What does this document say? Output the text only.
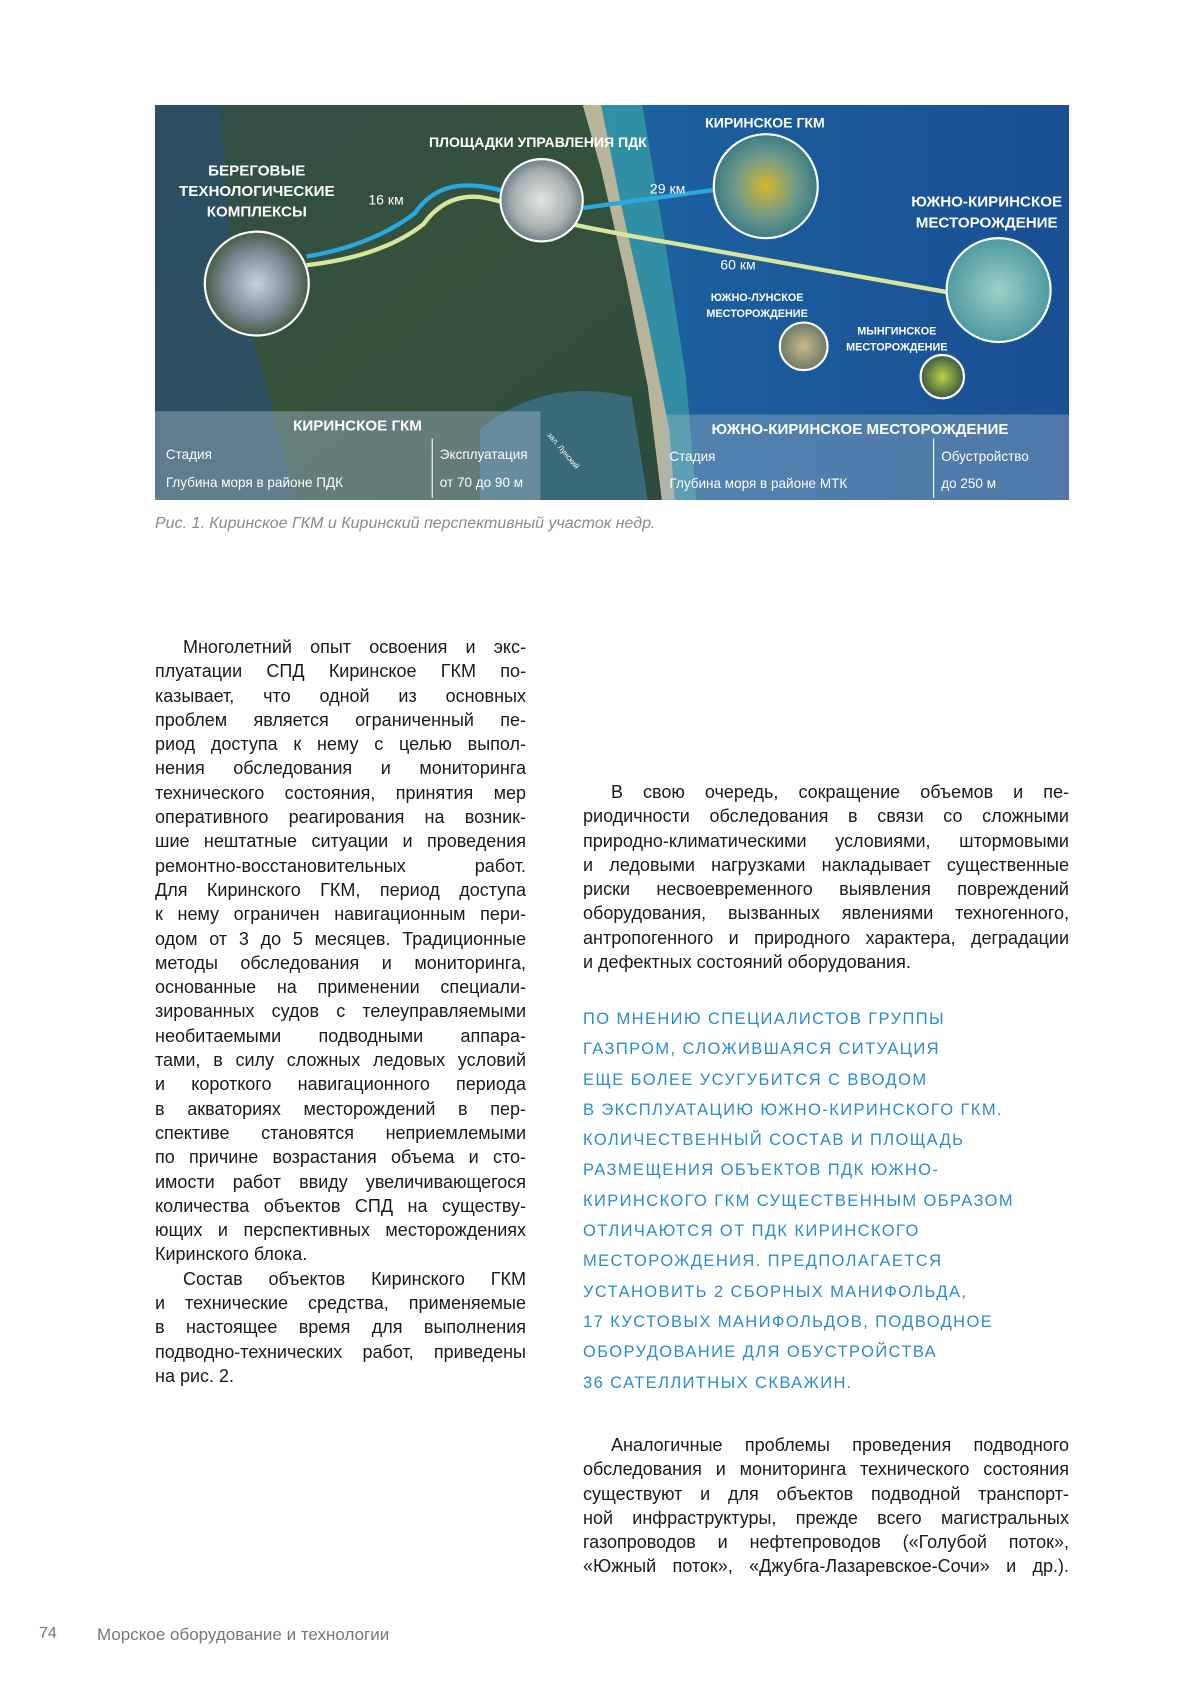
БЕРЕГОВЫЕ
ТЕХНОЛОГИЧЕСКИЕ
КОМПЛЕКСЫ
16 км
ПЛОЩАДКИ УПРАВЛЕНИЯ ПДК
КИРИНСКОЕ ГКМ
29 км
ЮЖНО-КИРИНСКОЕ
МЕСТОРОЖДЕНИЕ
60 км
ЮЖНО-ЛУНСКОЕ
МЕСТОРОЖДЕНИЕ
МЫНГИНСКОЕ
МЕСТОРОЖДЕНИЕ
зал. Лунский
КИРИНСКОЕ ГКМ
Стадия	Эксплуатация
Глубина моря в районе ПДК	от 70 до 90 м
ЮЖНО-КИРИНСКОЕ МЕСТОРОЖДЕНИЕ
Стадия	Обустройство
Глубина моря в районе МТК	до 250 м
Рис. 1. Киринское ГКМ и Киринский перспективный участок недр.
Многолетний опыт освоения и экс-
плуатации СПД Киринское ГКМ по-
казывает, что одной из основных
проблем является ограниченный пе-
риод доступа к нему с целью выпол-
нения обследования и мониторинга
технического состояния, принятия мер
оперативного реагирования на возник-
шие нештатные ситуации и проведения
ремонтно-восстановительных работ.
Для Киринского ГКМ, период доступа
к нему ограничен навигационным пери-
одом от 3 до 5 месяцев. Традиционные
методы обследования и мониторинга,
основанные на применении специали-
зированных судов с телеуправляемыми
необитаемыми подводными аппара-
тами, в силу сложных ледовых условий
и короткого навигационного периода
в акваториях месторождений в пер-
спективе становятся неприемлемыми
по причине возрастания объема и сто-
имости работ ввиду увеличивающегося
количества объектов СПД на существу-
ющих и перспективных месторождениях
Киринского блока.
Состав объектов Киринского ГКМ
и технические средства, применяемые
в настоящее время для выполнения
подводно-технических работ, приведены
на рис. 2.
В свою очередь, сокращение объемов и пе-
риодичности обследования в связи со сложными
природно-климатическими условиями, штормовыми
и ледовыми нагрузками накладывает существенные
риски несвоевременного выявления повреждений
оборудования, вызванных явлениями техногенного,
антропогенного и природного характера, деградации
и дефектных состояний оборудования.
ПО МНЕНИЮ СПЕЦИАЛИСТОВ ГРУППЫ
ГАЗПРОМ, СЛОЖИВШАЯСЯ СИТУАЦИЯ
ЕЩЕ БОЛЕЕ УСУГУБИТСЯ С ВВОДОМ
В ЭКСПЛУАТАЦИЮ ЮЖНО-КИРИНСКОГО ГКМ.
КОЛИЧЕСТВЕННЫЙ СОСТАВ И ПЛОЩАДЬ
РАЗМЕЩЕНИЯ ОБЪЕКТОВ ПДК ЮЖНО-
КИРИНСКОГО ГКМ СУЩЕСТВЕННЫМ ОБРАЗОМ
ОТЛИЧАЮТСЯ ОТ ПДК КИРИНСКОГО
МЕСТОРОЖДЕНИЯ. ПРЕДПОЛАГАЕТСЯ
УСТАНОВИТЬ 2 СБОРНЫХ МАНИФОЛЬДА,
17 КУСТОВЫХ МАНИФОЛЬДОВ, ПОДВОДНОЕ
ОБОРУДОВАНИЕ ДЛЯ ОБУСТРОЙСТВА
36 САТЕЛЛИТНЫХ СКВАЖИН.
Аналогичные проблемы проведения подводного
обследования и мониторинга технического состояния
существуют и для объектов подводной транспорт-
ной инфраструктуры, прежде всего магистральных
газопроводов и нефтепроводов («Голубой поток»,
«Южный поток», «Джубга-Лазаревское-Сочи» и др.).
74 Морское оборудование и технологии
